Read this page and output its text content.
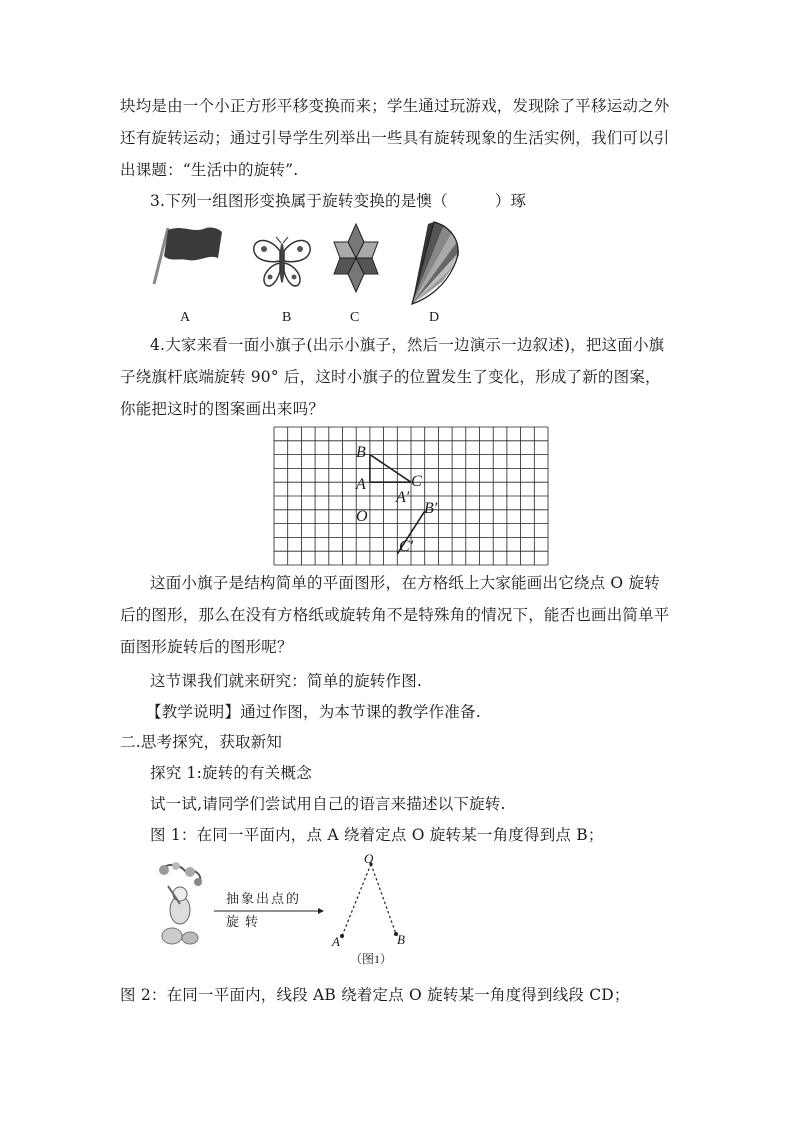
块均是由一个小正方形平移变换而来；学生通过玩游戏，发现除了平移运动之外
还有旋转运动；通过引导学生列举出一些具有旋转现象的生活实例，我们可以引
出课题：“生活中的旋转”.
3.下列一组图形变换属于旋转变换的是懊（　　　）琢
A	B	C	D
4.大家来看一面小旗子(出示小旗子，然后一边演示一边叙述)，把这面小旗
子绕旗杆底端旋转 90° 后，这时小旗子的位置发生了变化，形成了新的图案，
你能把这时的图案画出来吗？
B
A	C
A′
B′
O
C′
这面小旗子是结构简单的平面图形，在方格纸上大家能画出它绕点 O 旋转
后的图形，那么在没有方格纸或旋转角不是特殊角的情况下，能否也画出简单平
面图形旋转后的图形呢？
这节课我们就来研究：简单的旋转作图.
【教学说明】通过作图，为本节课的教学作准备.
二.思考探究，获取新知
探究 1:旋转的有关概念
试一试,请同学们尝试用自己的语言来描述以下旋转.
图 1：在同一平面内，点 A 绕着定点 O 旋转某一角度得到点 B；
抽象出点的
旋转
O
A	B
（图1）
图 2：在同一平面内，线段 AB 绕着定点 O 旋转某一角度得到线段 CD；
